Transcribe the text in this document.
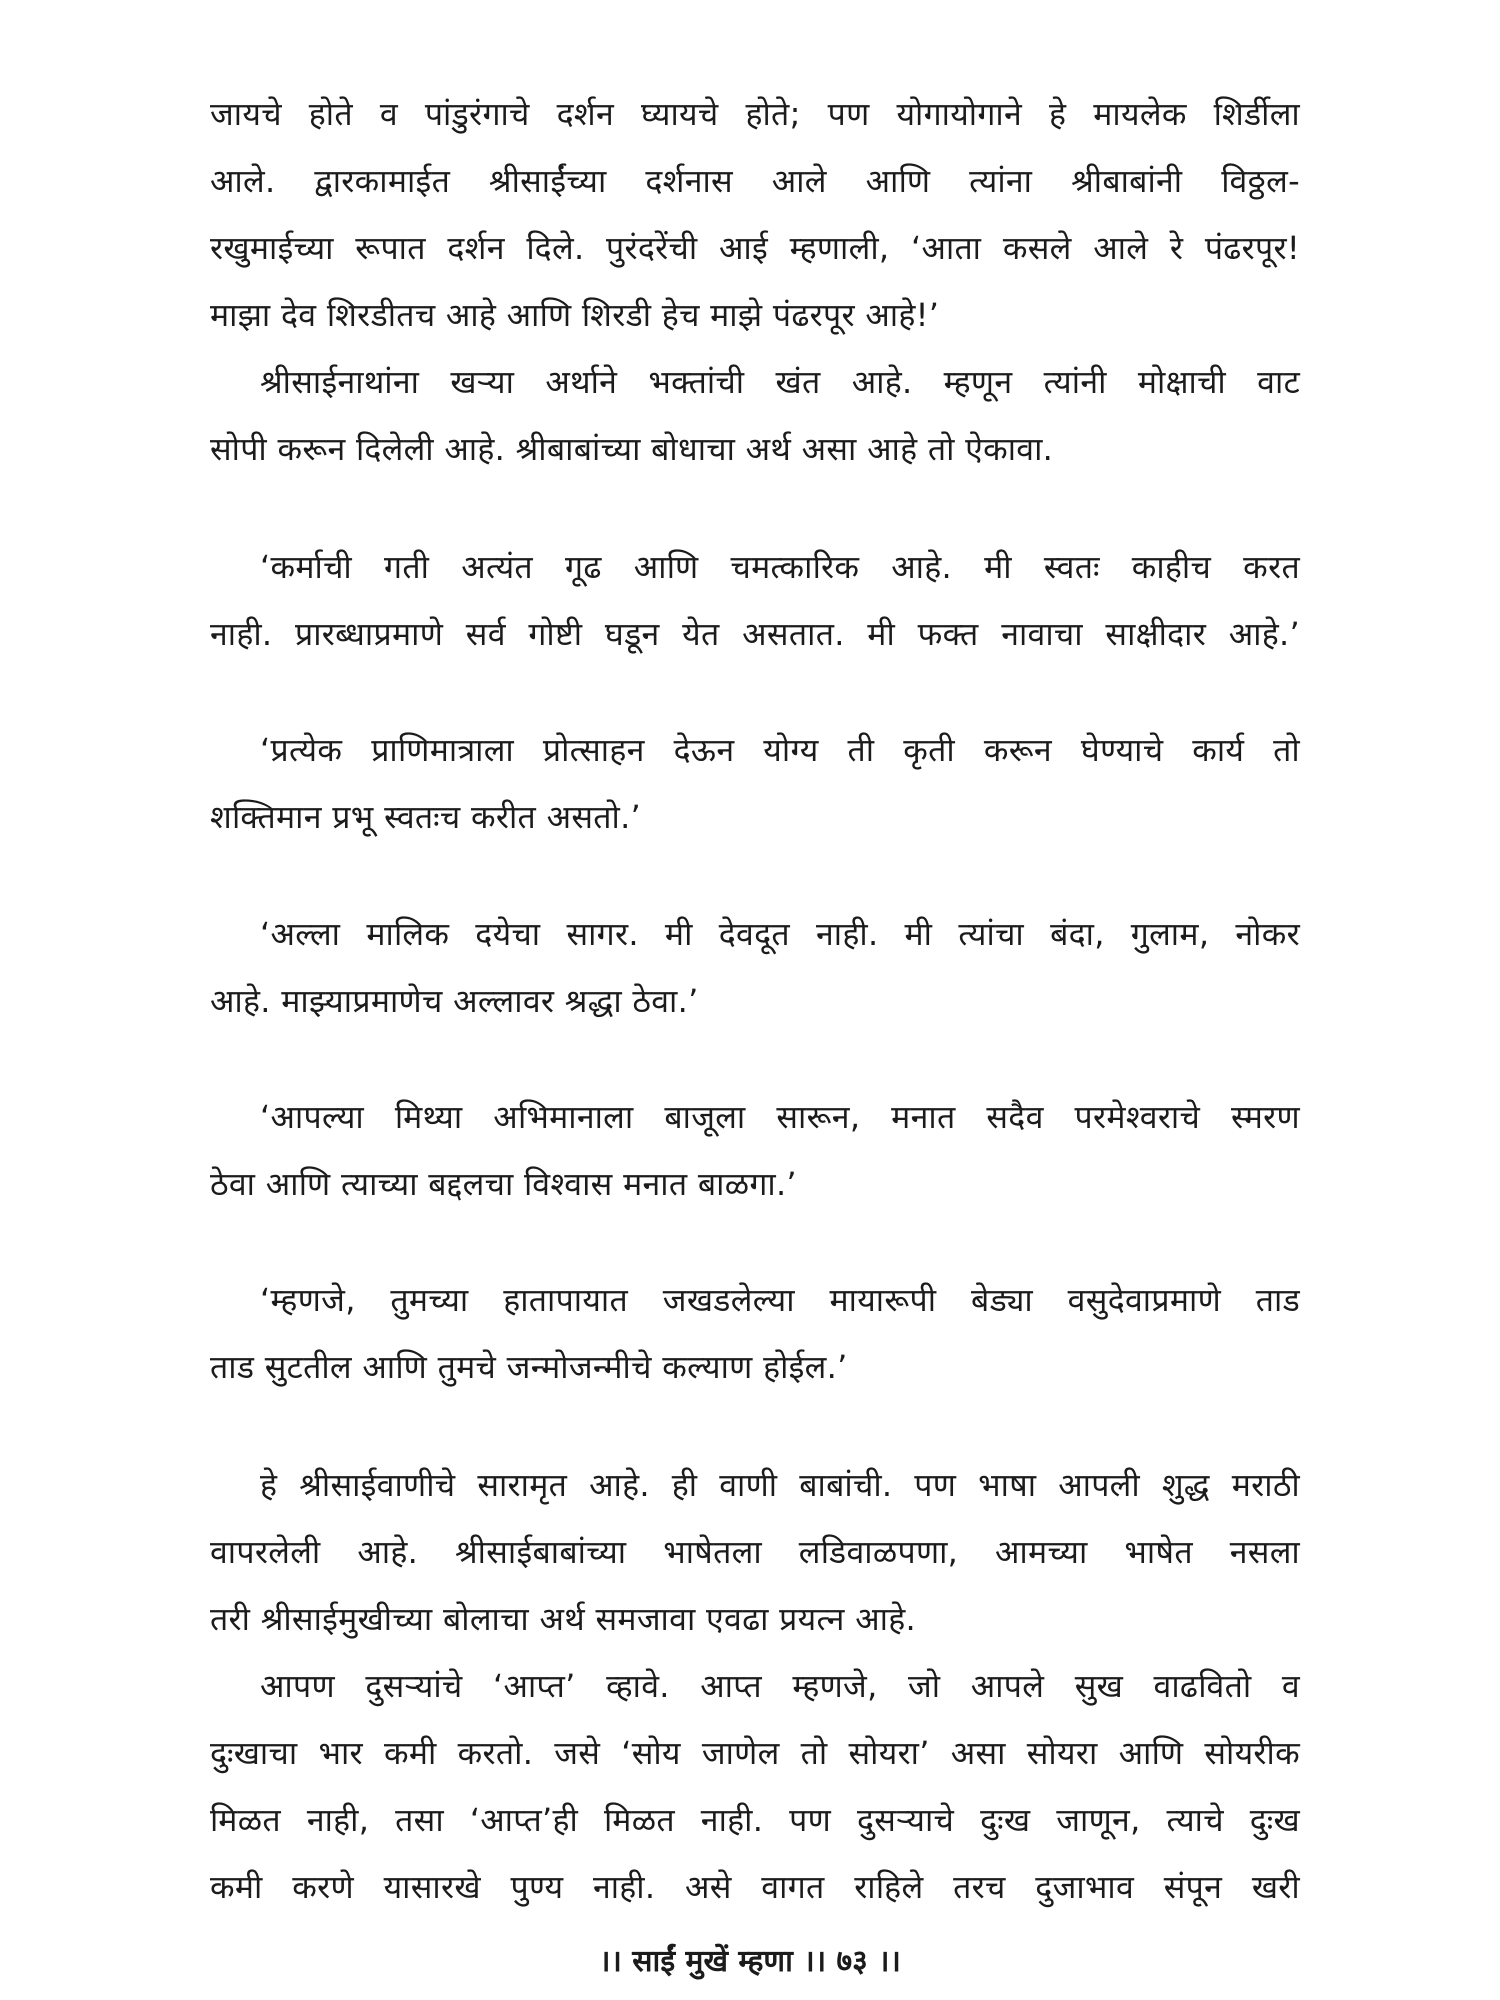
जायचे होते व पांडुरंगाचे दर्शन घ्यायचे होते; पण योगायोगाने हे मायलेक शिर्डीला
आले. द्वारकामाईत श्रीसाईंच्या दर्शनास आले आणि त्यांना श्रीबाबांनी विठ्ठल-
रखुमाईच्या रूपात दर्शन दिले. पुरंदरेंची आई म्हणाली, ‘आता कसले आले रे पंढरपूर!
माझा देव शिरडीतच आहे आणि शिरडी हेच माझे पंढरपूर आहे!’
श्रीसाईनाथांना खऱ्या अर्थाने भक्तांची खंत आहे. म्हणून त्यांनी मोक्षाची वाट
सोपी करून दिलेली आहे. श्रीबाबांच्या बोधाचा अर्थ असा आहे तो ऐकावा.
‘कर्माची गती अत्यंत गूढ आणि चमत्कारिक आहे. मी स्वतः काहीच करत
नाही. प्रारब्धाप्रमाणे सर्व गोष्टी घडून येत असतात. मी फक्त नावाचा साक्षीदार आहे.’
‘प्रत्येक प्राणिमात्राला प्रोत्साहन देऊन योग्य ती कृती करून घेण्याचे कार्य तो
शक्तिमान प्रभू स्वतःच करीत असतो.’
‘अल्ला मालिक दयेचा सागर. मी देवदूत नाही. मी त्यांचा बंदा, गुलाम, नोकर
आहे. माझ्याप्रमाणेच अल्लावर श्रद्धा ठेवा.’
‘आपल्या मिथ्या अभिमानाला बाजूला सारून, मनात सदैव परमेश्वराचे स्मरण
ठेवा आणि त्याच्या बद्दलचा विश्वास मनात बाळगा.’
‘म्हणजे, तुमच्या हातापायात जखडलेल्या मायारूपी बेड्या वसुदेवाप्रमाणे ताड
ताड सुटतील आणि तुमचे जन्मोजन्मीचे कल्याण होईल.’
हे श्रीसाईवाणीचे सारामृत आहे. ही वाणी बाबांची. पण भाषा आपली शुद्ध मराठी
वापरलेली आहे. श्रीसाईबाबांच्या भाषेतला लडिवाळपणा, आमच्या भाषेत नसला
तरी श्रीसाईमुखीच्या बोलाचा अर्थ समजावा एवढा प्रयत्न आहे.
आपण दुसऱ्यांचे ‘आप्त’ व्हावे. आप्त म्हणजे, जो आपले सुख वाढवितो व
दुःखाचा भार कमी करतो. जसे ‘सोय जाणेल तो सोयरा’ असा सोयरा आणि सोयरीक
मिळत नाही, तसा ‘आप्त’ही मिळत नाही. पण दुसऱ्याचे दुःख जाणून, त्याचे दुःख
कमी करणे यासारखे पुण्य नाही. असे वागत राहिले तरच दुजाभाव संपून खरी
।। साईं मुखें म्हणा ।। ७३ ।।
